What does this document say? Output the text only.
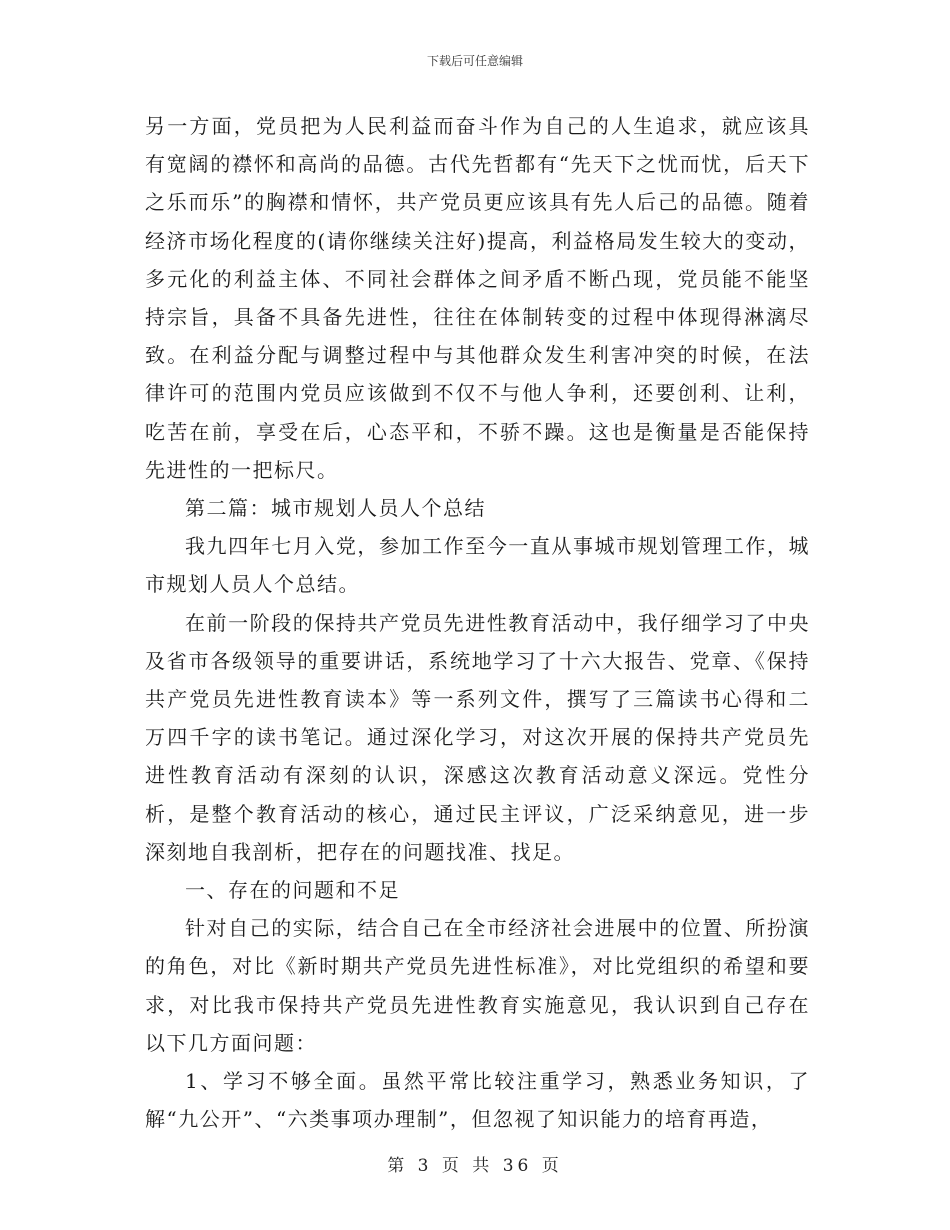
下载后可任意编辑

另一方面，党员把为人民利益而奋斗作为自己的人生追求，就应该具有宽阔的襟怀和高尚的品德。古代先哲都有“先天下之忧而忧，后天下之乐而乐”的胸襟和情怀，共产党员更应该具有先人后己的品德。随着经济市场化程度的(请你继续关注好)提高，利益格局发生较大的变动，多元化的利益主体、不同社会群体之间矛盾不断凸现，党员能不能坚持宗旨，具备不具备先进性，往往在体制转变的过程中体现得淋漓尽致。在利益分配与调整过程中与其他群众发生利害冲突的时候，在法律许可的范围内党员应该做到不仅不与他人争利，还要创利、让利，吃苦在前，享受在后，心态平和，不骄不躁。这也是衡量是否能保持先进性的一把标尺。

第二篇：城市规划人员人个总结

我九四年七月入党，参加工作至今一直从事城市规划管理工作，城市规划人员人个总结。

在前一阶段的保持共产党员先进性教育活动中，我仔细学习了中央及省市各级领导的重要讲话，系统地学习了十六大报告、党章、《保持共产党员先进性教育读本》等一系列文件，撰写了三篇读书心得和二万四千字的读书笔记。通过深化学习，对这次开展的保持共产党员先进性教育活动有深刻的认识，深感这次教育活动意义深远。党性分析，是整个教育活动的核心，通过民主评议，广泛采纳意见，进一步深刻地自我剖析，把存在的问题找准、找足。

一、存在的问题和不足

针对自己的实际，结合自己在全市经济社会进展中的位置、所扮演的角色，对比《新时期共产党员先进性标准》，对比党组织的希望和要求，对比我市保持共产党员先进性教育实施意见，我认识到自己存在以下几方面问题：

1、学习不够全面。虽然平常比较注重学习，熟悉业务知识，了解“九公开”、“六类事项办理制”，但忽视了知识能力的培育再造，

第 3 页 共 36 页
